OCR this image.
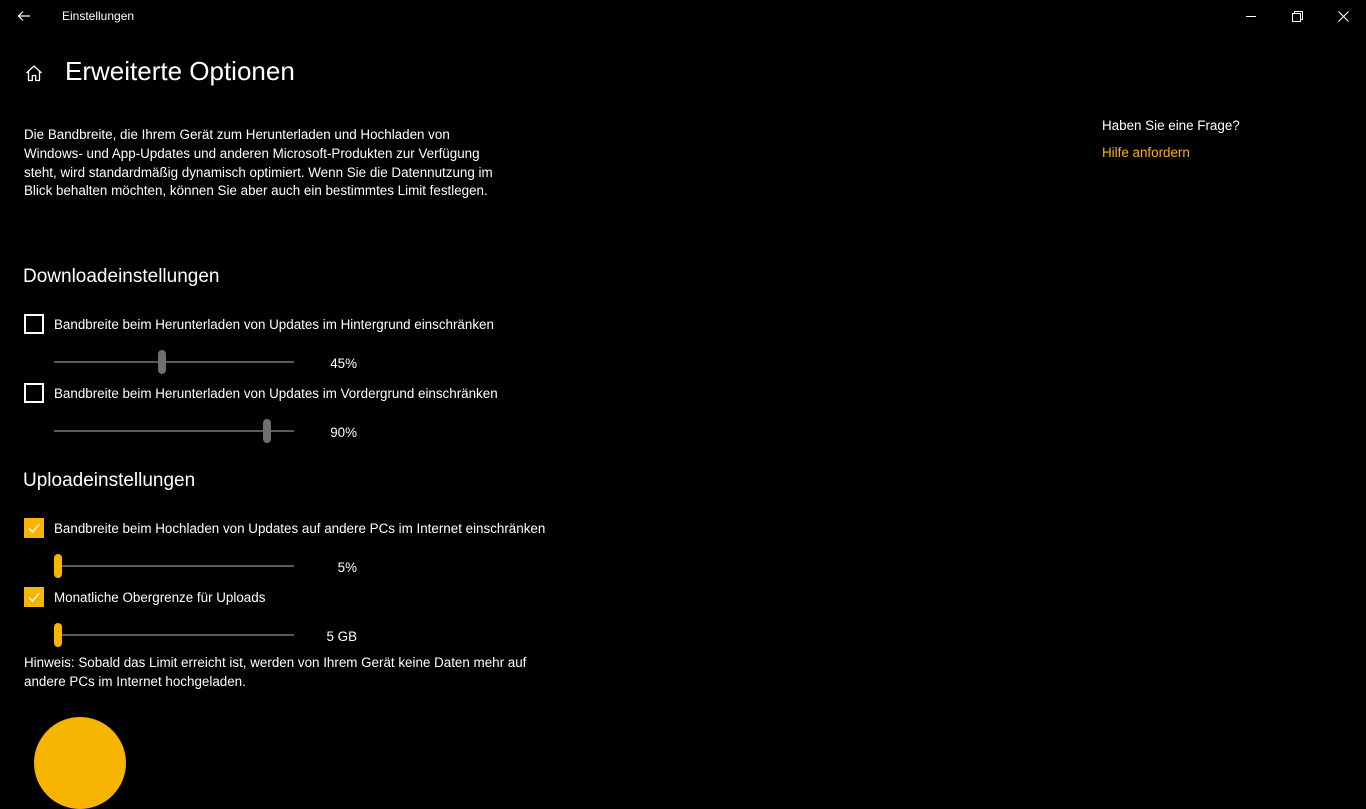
Einstellungen
Erweiterte Optionen
Die Bandbreite, die Ihrem Gerät zum Herunterladen und Hochladen von Windows- und App-Updates und anderen Microsoft-Produkten zur Verfügung steht, wird standardmäßig dynamisch optimiert. Wenn Sie die Datennutzung im Blick behalten möchten, können Sie aber auch ein bestimmtes Limit festlegen.
Downloadeinstellungen
Bandbreite beim Herunterladen von Updates im Hintergrund einschränken
45%
Bandbreite beim Herunterladen von Updates im Vordergrund einschränken
90%
Uploadeinstellungen
Bandbreite beim Hochladen von Updates auf andere PCs im Internet einschränken
5%
Monatliche Obergrenze für Uploads
5 GB
Hinweis: Sobald das Limit erreicht ist, werden von Ihrem Gerät keine Daten mehr auf andere PCs im Internet hochgeladen.
Haben Sie eine Frage?
Hilfe anfordern
